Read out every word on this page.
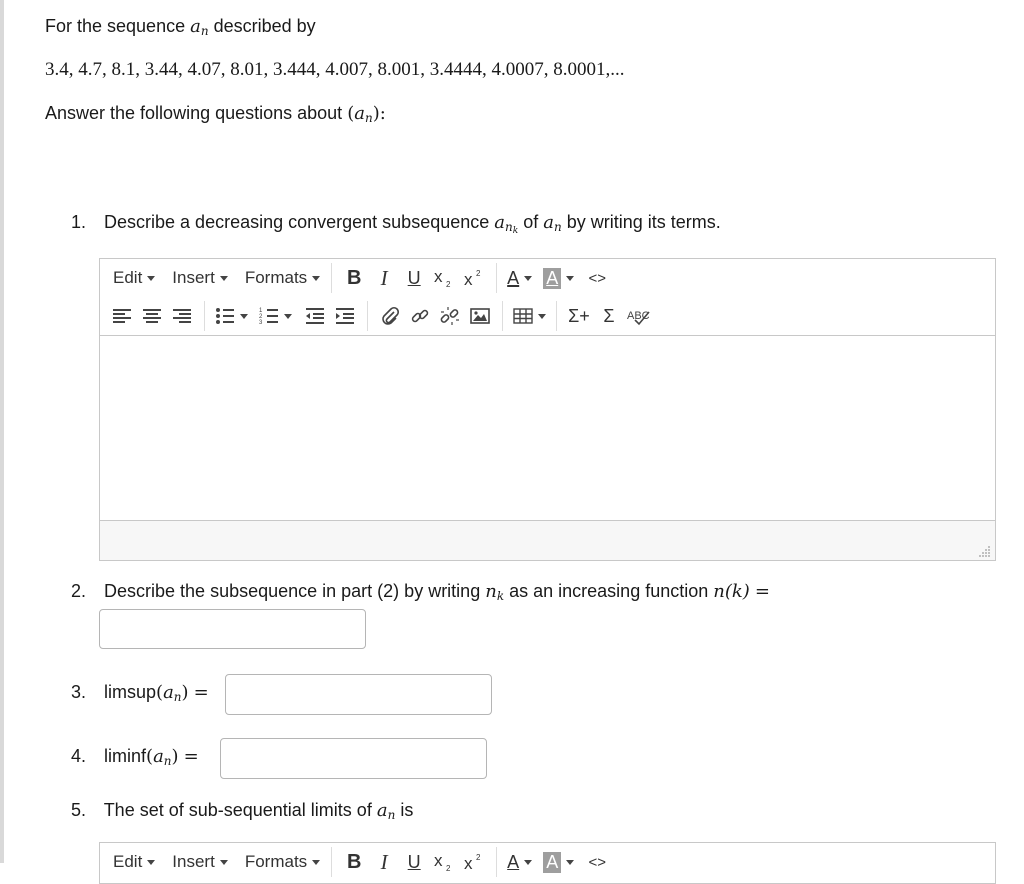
For the sequence $a_n$ described by
3.4, 4.7, 8.1, 3.44, 4.07, 8.01, 3.444, 4.007, 8.001, 3.4444, 4.0007, 8.0001,...
Answer the following questions about $(a_n)$:
1. Describe a decreasing convergent subsequence $a_{n_k}$ of $a_n$ by writing its terms.
Edit Insert Formats B I	U x 2 x 2 A A <>
1
2
3	Σ+ Σ	ABC
2. Describe the subsequence in part (2) by writing $n_k$ as an increasing function n(k) =
3. $limsup(a_n)$ =
4. $liminf(a_n)$ =
5. The set of sub-sequential limits of $a_n$ is
Edit Insert Formats B I	U x 2 x 2 A A <>
